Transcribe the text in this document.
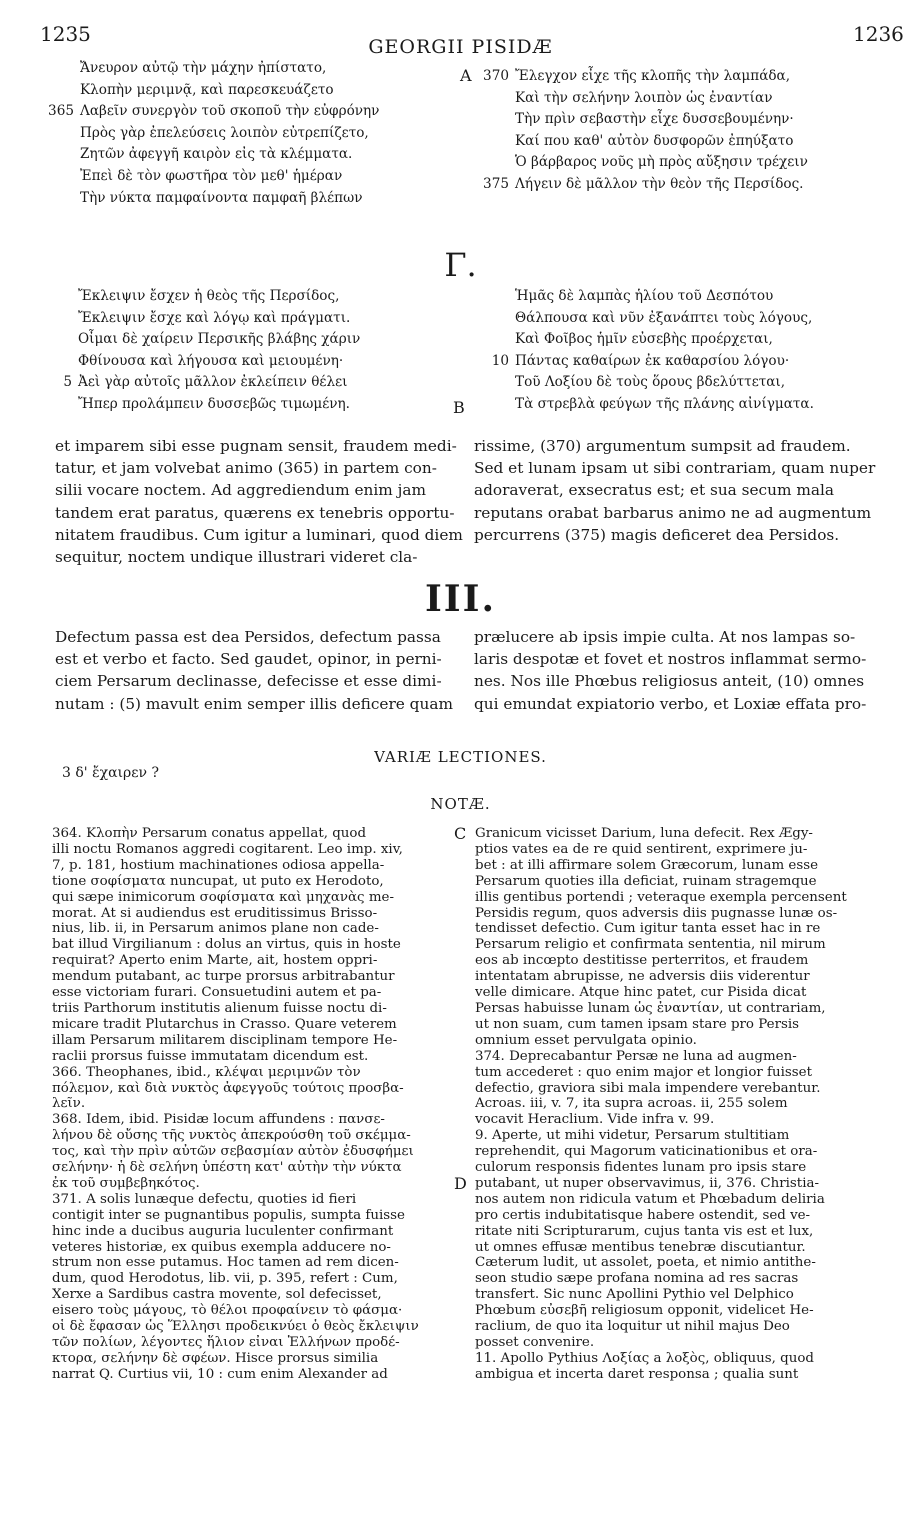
1235
GEORGII PISIDÆ
1236
Ἄνευρον αὐτῷ τὴν μάχην ἠπίστατο,
Κλοπὴν μεριμνᾷ, καὶ παρεσκευάζετο
365 Λαβεῖν συνεργὸν τοῦ σκοποῦ τὴν εὐφρόνην
Πρὸς γὰρ ἐπελεύσεις λοιπὸν εὐτρεπίζετο,
Ζητῶν ἀφεγγῆ καιρὸν εἰς τὰ κλέμματα.
Ἐπεὶ δὲ τὸν φωστῆρα τὸν μεθ' ἡμέραν
Τὴν νύκτα παμφαίνοντα παμφαῆ βλέπων
370 Ἔλεγχον εἶχε τῆς κλοπῆς τὴν λαμπάδα,
Καὶ τὴν σελήνην λοιπὸν ὡς ἐναντίαν
Τὴν πρὶν σεβαστὴν εἶχε δυσσεβουμένην·
Καί που καθ' αὐτὸν δυσφορῶν ἐπηύξατο
Ὁ βάρβαρος νοῦς μὴ πρὸς αὔξησιν τρέχειν
375 Λήγειν δὲ μᾶλλον τὴν θεὸν τῆς Περσίδος.
A
Γ.
Ἔκλειψιν ἔσχεν ἡ θεὸς τῆς Περσίδος,
Ἔκλειψιν ἔσχε καὶ λόγῳ καὶ πράγματι.
Οἶμαι δὲ χαίρειν Περσικῆς βλάβης χάριν
Φθίνουσα καὶ λήγουσα καὶ μειουμένη·
5 Ἀεὶ γὰρ αὐτοῖς μᾶλλον ἐκλείπειν θέλει
Ἤπερ προλάμπειν δυσσεβῶς τιμωμένη.
Ἡμᾶς δὲ λαμπὰς ἡλίου τοῦ Δεσπότου
Θάλπουσα καὶ νῦν ἐξανάπτει τοὺς λόγους,
Καὶ Φοῖβος ἡμῖν εὐσεβὴς προέρχεται,
10 Πάντας καθαίρων ἐκ καθαρσίου λόγου·
Τοῦ Λοξίου δὲ τοὺς ὅρους βδελύττεται,
Τὰ στρεβλὰ φεύγων τῆς πλάνης αἰνίγματα.
B
et imparem sibi esse pugnam sensit, fraudem medi-
tatur, et jam volvebat animo (365) in partem con-
silii vocare noctem. Ad aggrediendum enim jam
tandem erat paratus, quærens ex tenebris opportu-
nitatem fraudibus. Cum igitur a luminari, quod diem
sequitur, noctem undique illustrari videret cla-
rissime, (370) argumentum sumpsit ad fraudem.
Sed et lunam ipsam ut sibi contrariam, quam nuper
adoraverat, exsecratus est; et sua secum mala
reputans orabat barbarus animo ne ad augmentum
percurrens (375) magis deficeret dea Persidos.
III.
Defectum passa est dea Persidos, defectum passa
est et verbo et facto. Sed gaudet, opinor, in perni-
ciem Persarum declinasse, defecisse et esse dimi-
nutam : (5) mavult enim semper illis deficere quam
prælucere ab ipsis impie culta. At nos lampas so-
laris despotæ et fovet et nostros inflammat sermo-
nes. Nos ille Phœbus religiosus anteit, (10) omnes
qui emundat expiatorio verbo, et Loxiæ effata pro-
VARIÆ LECTIONES.
3 δ' ἔχαιρεν ?
NOTÆ.
364. Κλοπὴν Persarum conatus appellat, quod
illi noctu Romanos aggredi cogitarent. Leo imp. xiv,
7, p. 181, hostium machinationes odiosa appella-
tione σοφίσματα nuncupat, ut puto ex Herodoto,
qui sæpe inimicorum σοφίσματα καὶ μηχανὰς me-
morat. At si audiendus est eruditissimus Brisso-
nius, lib. ii, in Persarum animos plane non cade-
bat illud Virgilianum : dolus an virtus, quis in hoste
requirat? Aperto enim Marte, ait, hostem oppri-
mendum putabant, ac turpe prorsus arbitrabantur
esse victoriam furari. Consuetudini autem et pa-
triis Parthorum institutis alienum fuisse noctu di-
micare tradit Plutarchus in Crasso. Quare veterem
illam Persarum militarem disciplinam tempore He-
raclii prorsus fuisse immutatam dicendum est.
366. Theophanes, ibid., κλέψαι μεριμνῶν τὸν
πόλεμον, καὶ διὰ νυκτὸς ἀφεγγοῦς τούτοις προσβα-
λεῖν.
368. Idem, ibid. Pisidæ locum affundens : πανσε-
λήνου δὲ οὔσης τῆς νυκτὸς ἀπεκρούσθη τοῦ σκέμμα-
τος, καὶ τὴν πρὶν αὐτῶν σεβασμίαν αὐτὸν ἐδυσφήμει
σελήνην· ἡ δὲ σελήνη ὑπέστη κατ' αὐτὴν τὴν νύκτα
ἐκ τοῦ συμβεβηκότος.
371. A solis lunæque defectu, quoties id fieri
contigit inter se pugnantibus populis, sumpta fuisse
hinc inde a ducibus auguria luculenter confirmant
veteres historiæ, ex quibus exempla adducere no-
strum non esse putamus. Hoc tamen ad rem dicen-
dum, quod Herodotus, lib. vii, p. 395, refert : Cum,
Xerxe a Sardibus castra movente, sol defecisset,
eisero τοὺς μάγους, τὸ θέλοι προφαίνειν τὸ φάσμα·
οἱ δὲ ἔφασαν ὡς Ἕλλησι προδεικνύει ὁ θεὸς ἔκλειψιν
τῶν πολίων, λέγοντες ἥλιον εἶναι Ἑλλήνων προδέ-
κτορα, σελήνην δὲ σφέων. Hisce prorsus similia
narrat Q. Curtius vii, 10 : cum enim Alexander ad
C
D
Granicum vicisset Darium, luna defecit. Rex Ægy-
ptios vates ea de re quid sentirent, exprimere ju-
bet : at illi affirmare solem Græcorum, lunam esse
Persarum quoties illa deficiat, ruinam stragemque
illis gentibus portendi ; veteraque exempla percensent
Persidis regum, quos adversis diis pugnasse lunæ os-
tendisset defectio. Cum igitur tanta esset hac in re
Persarum religio et confirmata sententia, nil mirum
eos ab incœpto destitisse perterritos, et fraudem
intentatam abrupisse, ne adversis diis viderentur
velle dimicare. Atque hinc patet, cur Pisida dicat
Persas habuisse lunam ὡς ἐναντίαν, ut contrariam,
ut non suam, cum tamen ipsam stare pro Persis
omnium esset pervulgata opinio.
374. Deprecabantur Persæ ne luna ad augmen-
tum accederet : quo enim major et longior fuisset
defectio, graviora sibi mala impendere verebantur.
Acroas. iii, v. 7, ita supra acroas. ii, 255 solem
vocavit Heraclium. Vide infra v. 99.
9. Aperte, ut mihi videtur, Persarum stultitiam
reprehendit, qui Magorum vaticinationibus et ora-
culorum responsis fidentes lunam pro ipsis stare
putabant, ut nuper observavimus, ii, 376. Christia-
nos autem non ridicula vatum et Phœbadum deliria
pro certis indubitatisque habere ostendit, sed ve-
ritate niti Scripturarum, cujus tanta vis est et lux,
ut omnes effusæ mentibus tenebræ discutiantur.
Cæterum ludit, ut assolet, poeta, et nimio antithe-
seon studio sæpe profana nomina ad res sacras
transfert. Sic nunc Apollini Pythio vel Delphico
Phœbum εὐσεβῆ religiosum opponit, videlicet He-
raclium, de quo ita loquitur ut nihil majus Deo
posset convenire.
11. Apollo Pythius Λοξίας a λοξὸς, obliquus, quod
ambigua et incerta daret responsa ; qualia sunt
